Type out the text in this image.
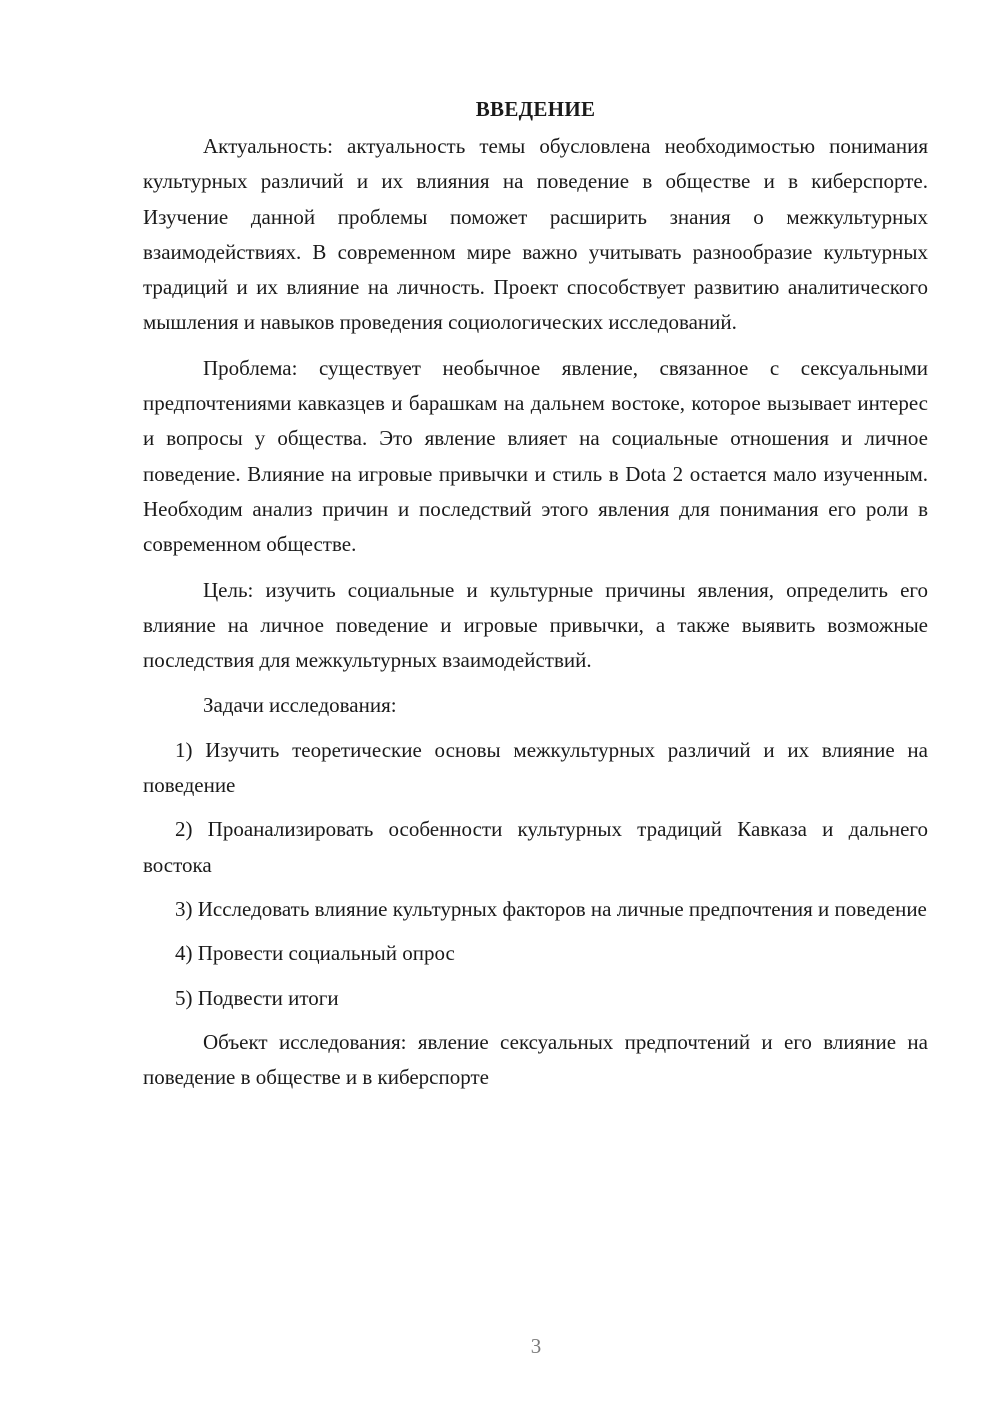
ВВЕДЕНИЕ

Актуальность: актуальность темы обусловлена необходимостью понимания культурных различий и их влияния на поведение в обществе и в киберспорте. Изучение данной проблемы поможет расширить знания о межкультурных взаимодействиях. В современном мире важно учитывать разнообразие культурных традиций и их влияние на личность. Проект способствует развитию аналитического мышления и навыков проведения социологических исследований.

Проблема: существует необычное явление, связанное с сексуальными предпочтениями кавказцев и барашкам на дальнем востоке, которое вызывает интерес и вопросы у общества. Это явление влияет на социальные отношения и личное поведение. Влияние на игровые привычки и стиль в Dota 2 остается мало изученным. Необходим анализ причин и последствий этого явления для понимания его роли в современном обществе.

Цель: изучить социальные и культурные причины явления, определить его влияние на личное поведение и игровые привычки, а также выявить возможные последствия для межкультурных взаимодействий.

Задачи исследования:

1) Изучить теоретические основы межкультурных различий и их влияние на поведение

2) Проанализировать особенности культурных традиций Кавказа и дальнего востока

3) Исследовать влияние культурных факторов на личные предпочтения и поведение

4) Провести социальный опрос

5) Подвести итоги

Объект исследования: явление сексуальных предпочтений и его влияние на поведение в обществе и в киберспорте

3
